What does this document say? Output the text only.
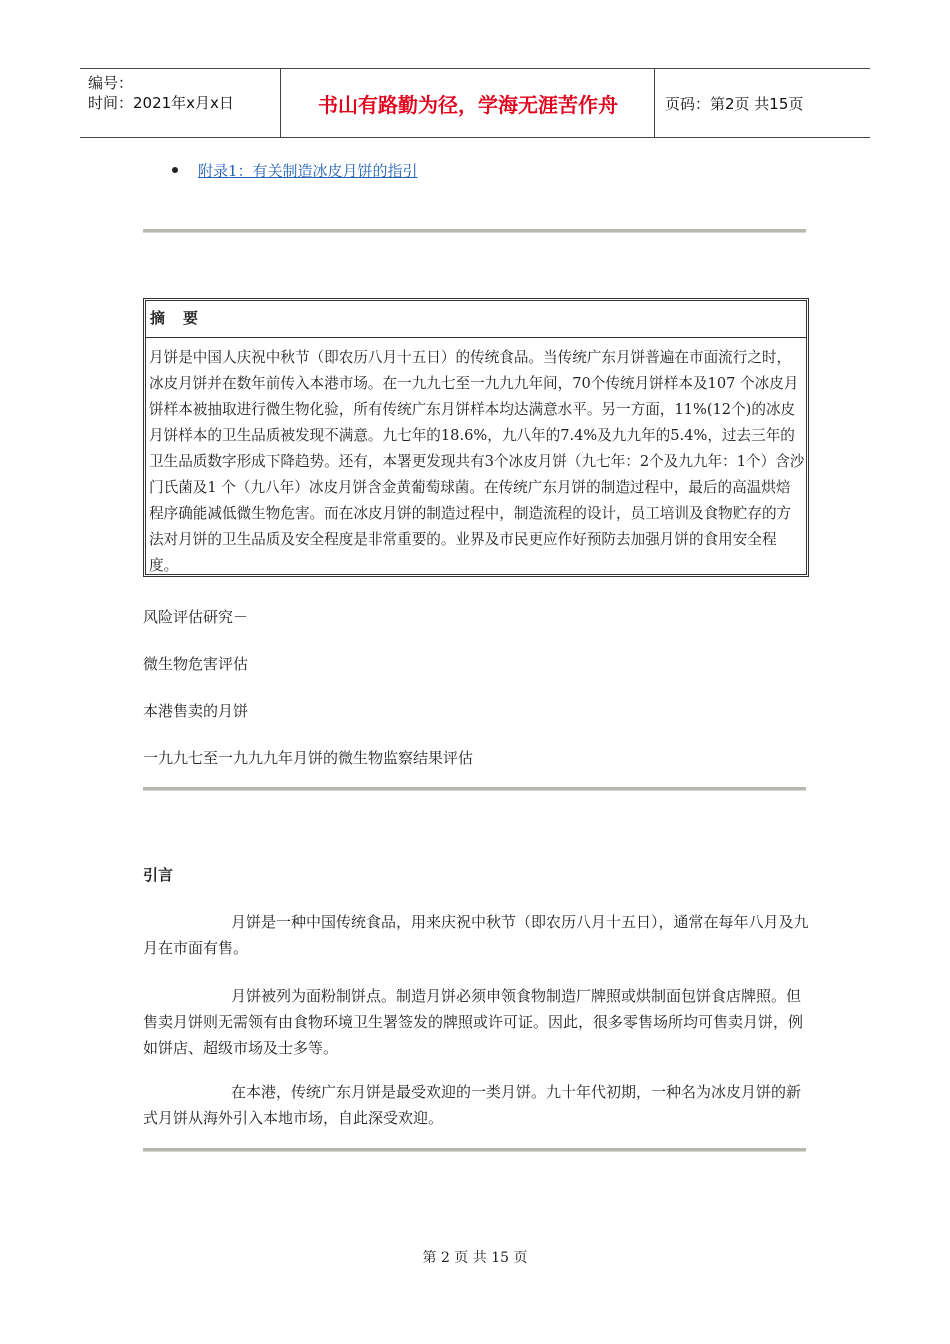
编号：
时间：2021年x月x日	书山有路勤为径，学海无涯苦作舟	页码：第2页 共15页
附录1：有关制造冰皮月饼的指引
摘要
月饼是中国人庆祝中秋节（即农历八月十五日）的传统食品。当传统广东月饼普遍在市面流行之时，冰皮月饼并在数年前传入本港市场。在一九九七至一九九九年间，70个传统月饼样本及107 个冰皮月饼样本被抽取进行微生物化验，所有传统广东月饼样本均达满意水平。另一方面，11%(12个)的冰皮月饼样本的卫生品质被发现不满意。九七年的18.6%，九八年的7.4%及九九年的5.4%，过去三年的卫生品质数字形成下降趋势。还有，本署更发现共有3个冰皮月饼（九七年：2个及九九年：1个）含沙门氏菌及1 个（九八年）冰皮月饼含金黄葡萄球菌。在传统广东月饼的制造过程中，最后的高温烘焙程序确能减低微生物危害。而在冰皮月饼的制造过程中，制造流程的设计，员工培训及食物贮存的方法对月饼的卫生品质及安全程度是非常重要的。业界及市民更应作好预防去加强月饼的食用安全程度。
风险评估研究－
微生物危害评估
本港售卖的月饼
一九九七至一九九九年月饼的微生物监察结果评估
引言
月饼是一种中国传统食品，用来庆祝中秋节（即农历八月十五日），通常在每年八月及九月在市面有售。
月饼被列为面粉制饼点。制造月饼必须申领食物制造厂牌照或烘制面包饼食店牌照。但售卖月饼则无需领有由食物环境卫生署签发的牌照或许可证。因此，很多零售场所均可售卖月饼，例如饼店、超级市场及士多等。
在本港，传统广东月饼是最受欢迎的一类月饼。九十年代初期，一种名为冰皮月饼的新式月饼从海外引入本地市场，自此深受欢迎。
第 2 页 共 15 页
